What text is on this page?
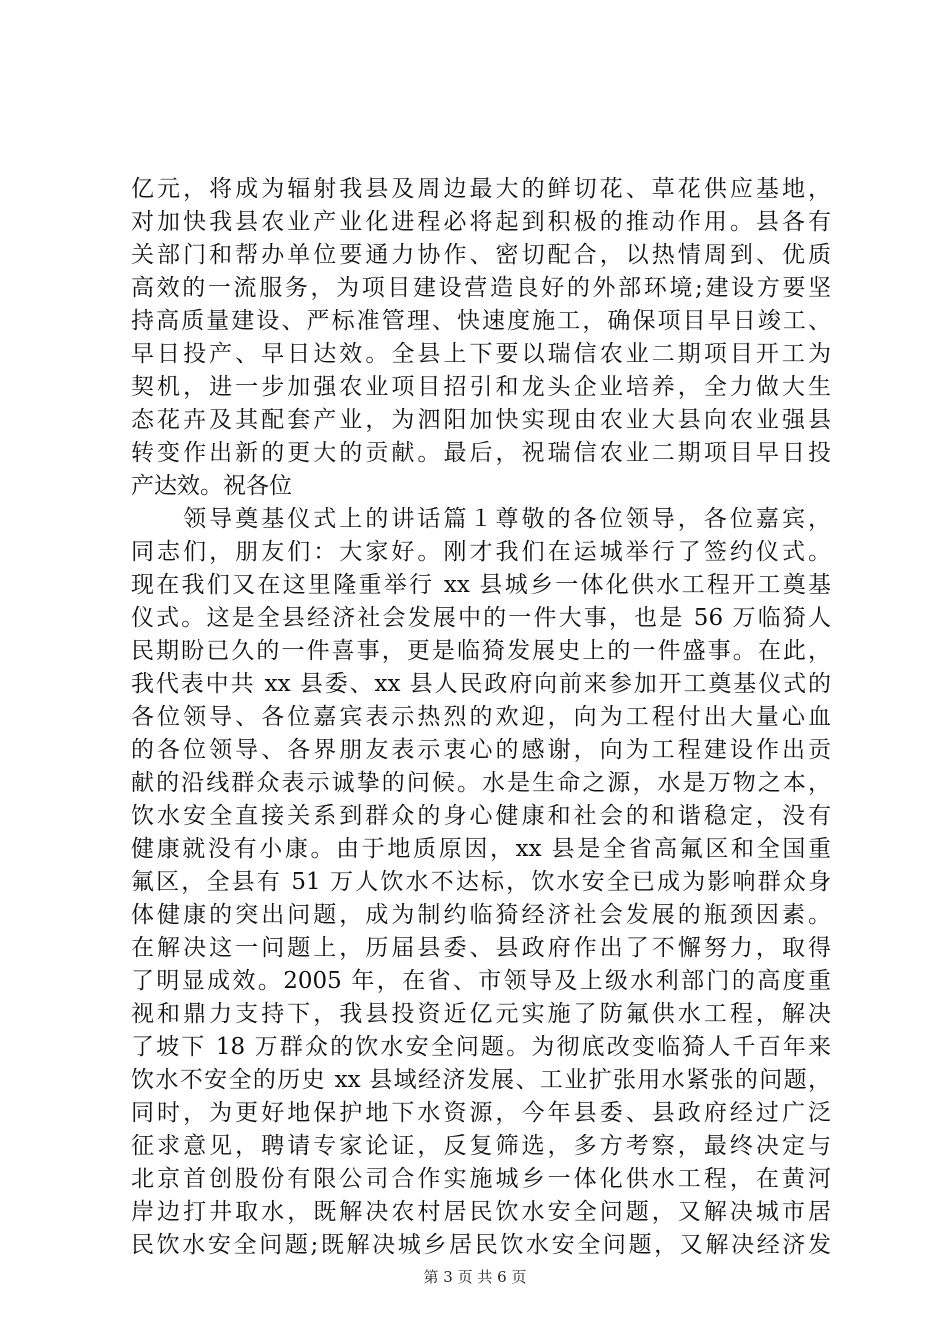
亿元，将成为辐射我县及周边最大的鲜切花、草花供应基地，
对加快我县农业产业化进程必将起到积极的推动作用。县各有
关部门和帮办单位要通力协作、密切配合，以热情周到、优质
高效的一流服务，为项目建设营造良好的外部环境;建设方要坚
持高质量建设、严标准管理、快速度施工，确保项目早日竣工、
早日投产、早日达效。全县上下要以瑞信农业二期项目开工为
契机，进一步加强农业项目招引和龙头企业培养，全力做大生
态花卉及其配套产业，为泗阳加快实现由农业大县向农业强县
转变作出新的更大的贡献。最后，祝瑞信农业二期项目早日投
产达效。祝各位
　　领导奠基仪式上的讲话篇１尊敬的各位领导，各位嘉宾，
同志们，朋友们：大家好。刚才我们在运城举行了签约仪式。
现在我们又在这里隆重举行 xx 县城乡一体化供水工程开工奠基
仪式。这是全县经济社会发展中的一件大事，也是 56 万临猗人
民期盼已久的一件喜事，更是临猗发展史上的一件盛事。在此，
我代表中共 xx 县委、xx 县人民政府向前来参加开工奠基仪式的
各位领导、各位嘉宾表示热烈的欢迎，向为工程付出大量心血
的各位领导、各界朋友表示衷心的感谢，向为工程建设作出贡
献的沿线群众表示诚挚的问候。水是生命之源，水是万物之本，
饮水安全直接关系到群众的身心健康和社会的和谐稳定，没有
健康就没有小康。由于地质原因，xx 县是全省高氟区和全国重
氟区，全县有 51 万人饮水不达标，饮水安全已成为影响群众身
体健康的突出问题，成为制约临猗经济社会发展的瓶颈因素。
在解决这一问题上，历届县委、县政府作出了不懈努力，取得
了明显成效。2005 年，在省、市领导及上级水利部门的高度重
视和鼎力支持下，我县投资近亿元实施了防氟供水工程，解决
了坡下 18 万群众的饮水安全问题。为彻底改变临猗人千百年来
饮水不安全的历史 xx 县域经济发展、工业扩张用水紧张的问题，
同时，为更好地保护地下水资源，今年县委、县政府经过广泛
征求意见，聘请专家论证，反复筛选，多方考察，最终决定与
北京首创股份有限公司合作实施城乡一体化供水工程，在黄河
岸边打井取水，既解决农村居民饮水安全问题，又解决城市居
民饮水安全问题;既解决城乡居民饮水安全问题，又解决经济发
第 3 页 共 6 页
